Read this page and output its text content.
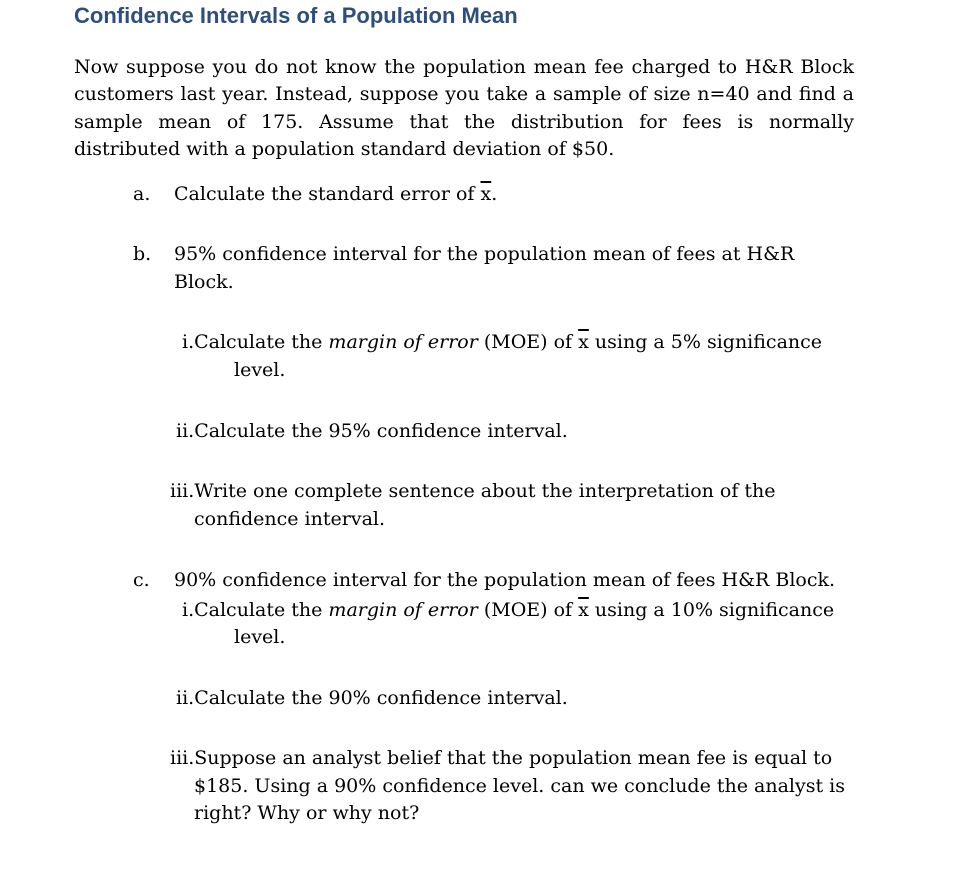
Confidence Intervals of a Population Mean
Now suppose you do not know the population mean fee charged to H&R Block customers last year. Instead, suppose you take a sample of size n=40 and find a sample mean of 175. Assume that the distribution for fees is normally distributed with a population standard deviation of $50.
a. Calculate the standard error of $\overline{x}$.
b. 95% confidence interval for the population mean of fees at H&R
Block.
i.Calculate the margin of error (MOE) of $\overline{x}$ using a 5% significance
level.
ii.Calculate the 95% confidence interval.
iii.Write one complete sentence about the interpretation of the
confidence interval.
c. 90% confidence interval for the population mean of fees H&R Block.
i.Calculate the margin of error (MOE) of $\overline{x}$ using a 10% significance
level.
ii.Calculate the 90% confidence interval.
iii.Suppose an analyst belief that the population mean fee is equal to
$185. Using a 90% confidence level. can we conclude the analyst is
right? Why or why not?
